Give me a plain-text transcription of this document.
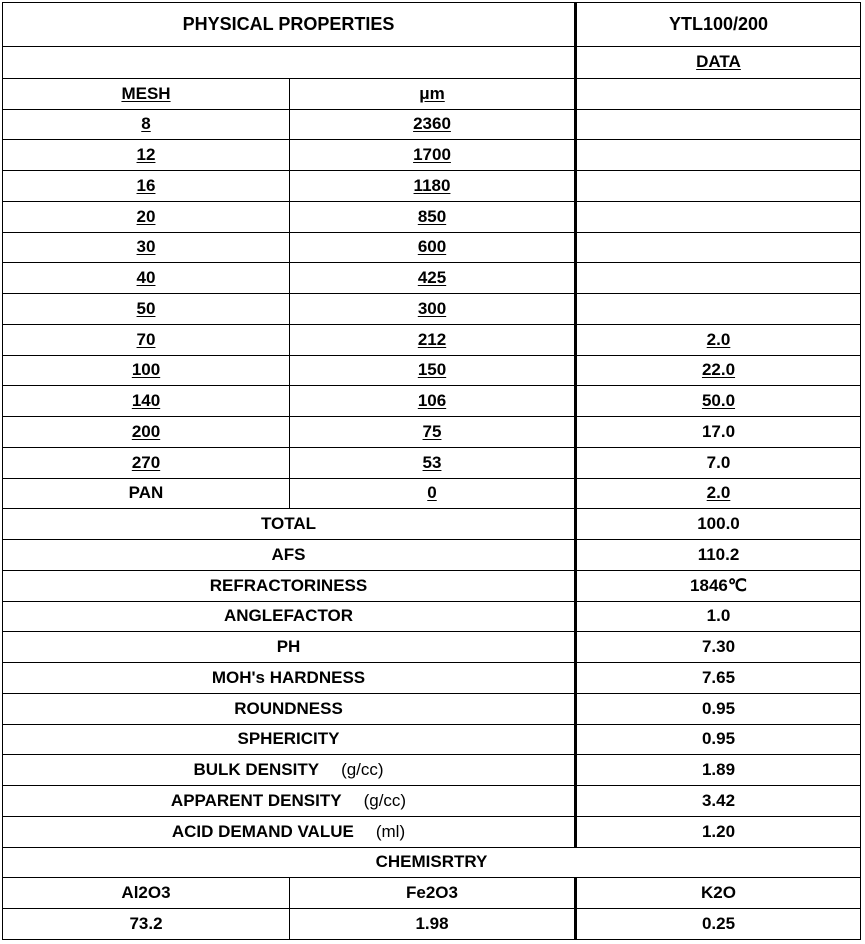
PHYSICAL PROPERTIES		YTL100/200
		DATA
MESH	μm	
8	2360	
12	1700	
16	1180	
20	850	
30	600	
40	425	
50	300	
70	212	2.0
100	150	22.0
140	106	50.0
200	75	17.0
270	53	7.0
PAN	0	2.0
TOTAL		100.0
AFS		110.2
REFRACTORINESS		1846℃
ANGLEFACTOR		1.0
PH		7.30
MOH's HARDNESS		7.65
ROUNDNESS		0.95
SPHERICITY		0.95
BULK DENSITY (g/cc)		1.89
APPARENT DENSITY (g/cc)		3.42
ACID DEMAND VALUE (ml)		1.20
CHEMISRTRY		
Al2O3	Fe2O3	K2O
73.2	1.98	0.25
